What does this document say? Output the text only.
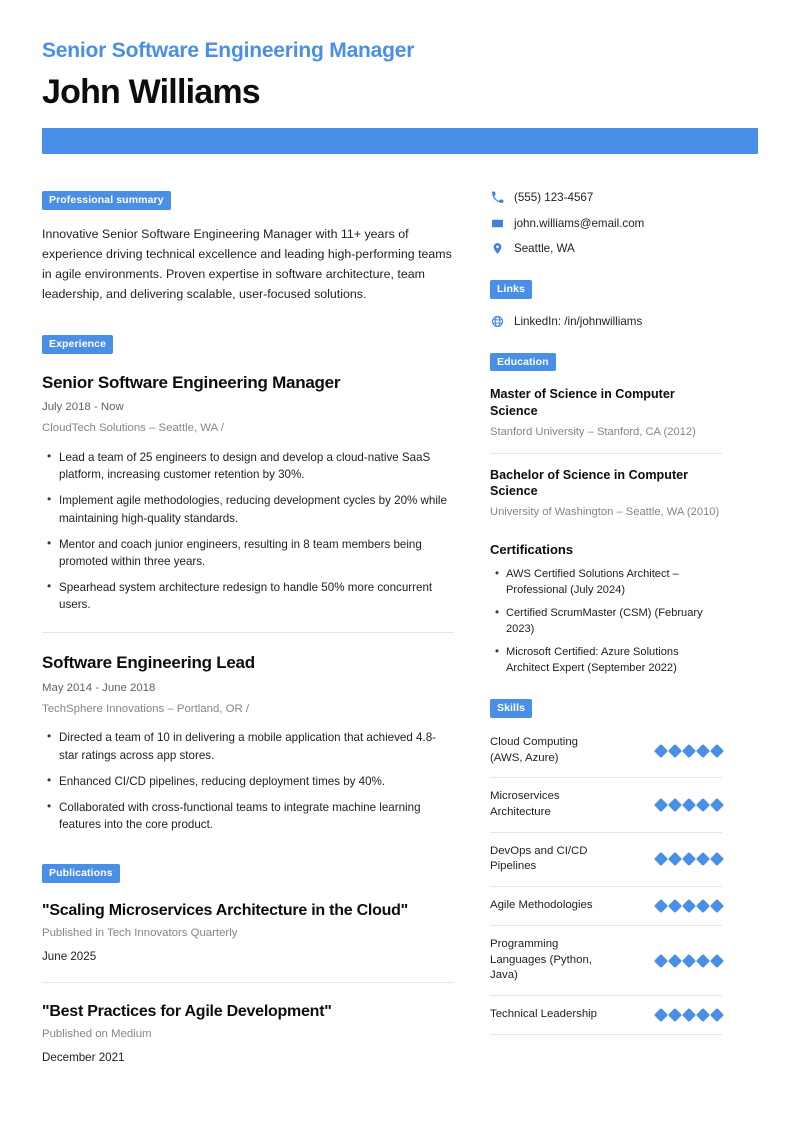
Senior Software Engineering Manager
John Williams
Professional summary

Innovative Senior Software Engineering Manager with 11+ years of experience driving technical excellence and leading high-performing teams in agile environments. Proven expertise in software architecture, team leadership, and delivering scalable, user-focused solutions.

Experience
Senior Software Engineering Manager
July 2018 - Now
CloudTech Solutions – Seattle, WA /
• Lead a team of 25 engineers to design and develop a cloud-native SaaS platform, increasing customer retention by 30%.
• Implement agile methodologies, reducing development cycles by 20% while maintaining high-quality standards.
• Mentor and coach junior engineers, resulting in 8 team members being promoted within three years.
• Spearhead system architecture redesign to handle 50% more concurrent users.
Software Engineering Lead
May 2014 - June 2018
TechSphere Innovations – Portland, OR /
• Directed a team of 10 in delivering a mobile application that achieved 4.8-star ratings across app stores.
• Enhanced CI/CD pipelines, reducing deployment times by 40%.
• Collaborated with cross-functional teams to integrate machine learning features into the core product.
Publications
"Scaling Microservices Architecture in the Cloud"
Published in Tech Innovators Quarterly
June 2025
"Best Practices for Agile Development"
Published on Medium
December 2021
(555) 123-4567
john.williams@email.com
Seattle, WA
Links
LinkedIn: /in/johnwilliams
Education
Master of Science in Computer Science
Stanford University – Stanford, CA (2012)
Bachelor of Science in Computer Science
University of Washington – Seattle, WA (2010)
Certifications
• AWS Certified Solutions Architect – Professional (July 2024)
• Certified ScrumMaster (CSM) (February 2023)
• Microsoft Certified: Azure Solutions Architect Expert (September 2022)
Skills
Cloud Computing (AWS, Azure)
Microservices Architecture
DevOps and CI/CD Pipelines
Agile Methodologies
Programming Languages (Python, Java)
Technical Leadership
